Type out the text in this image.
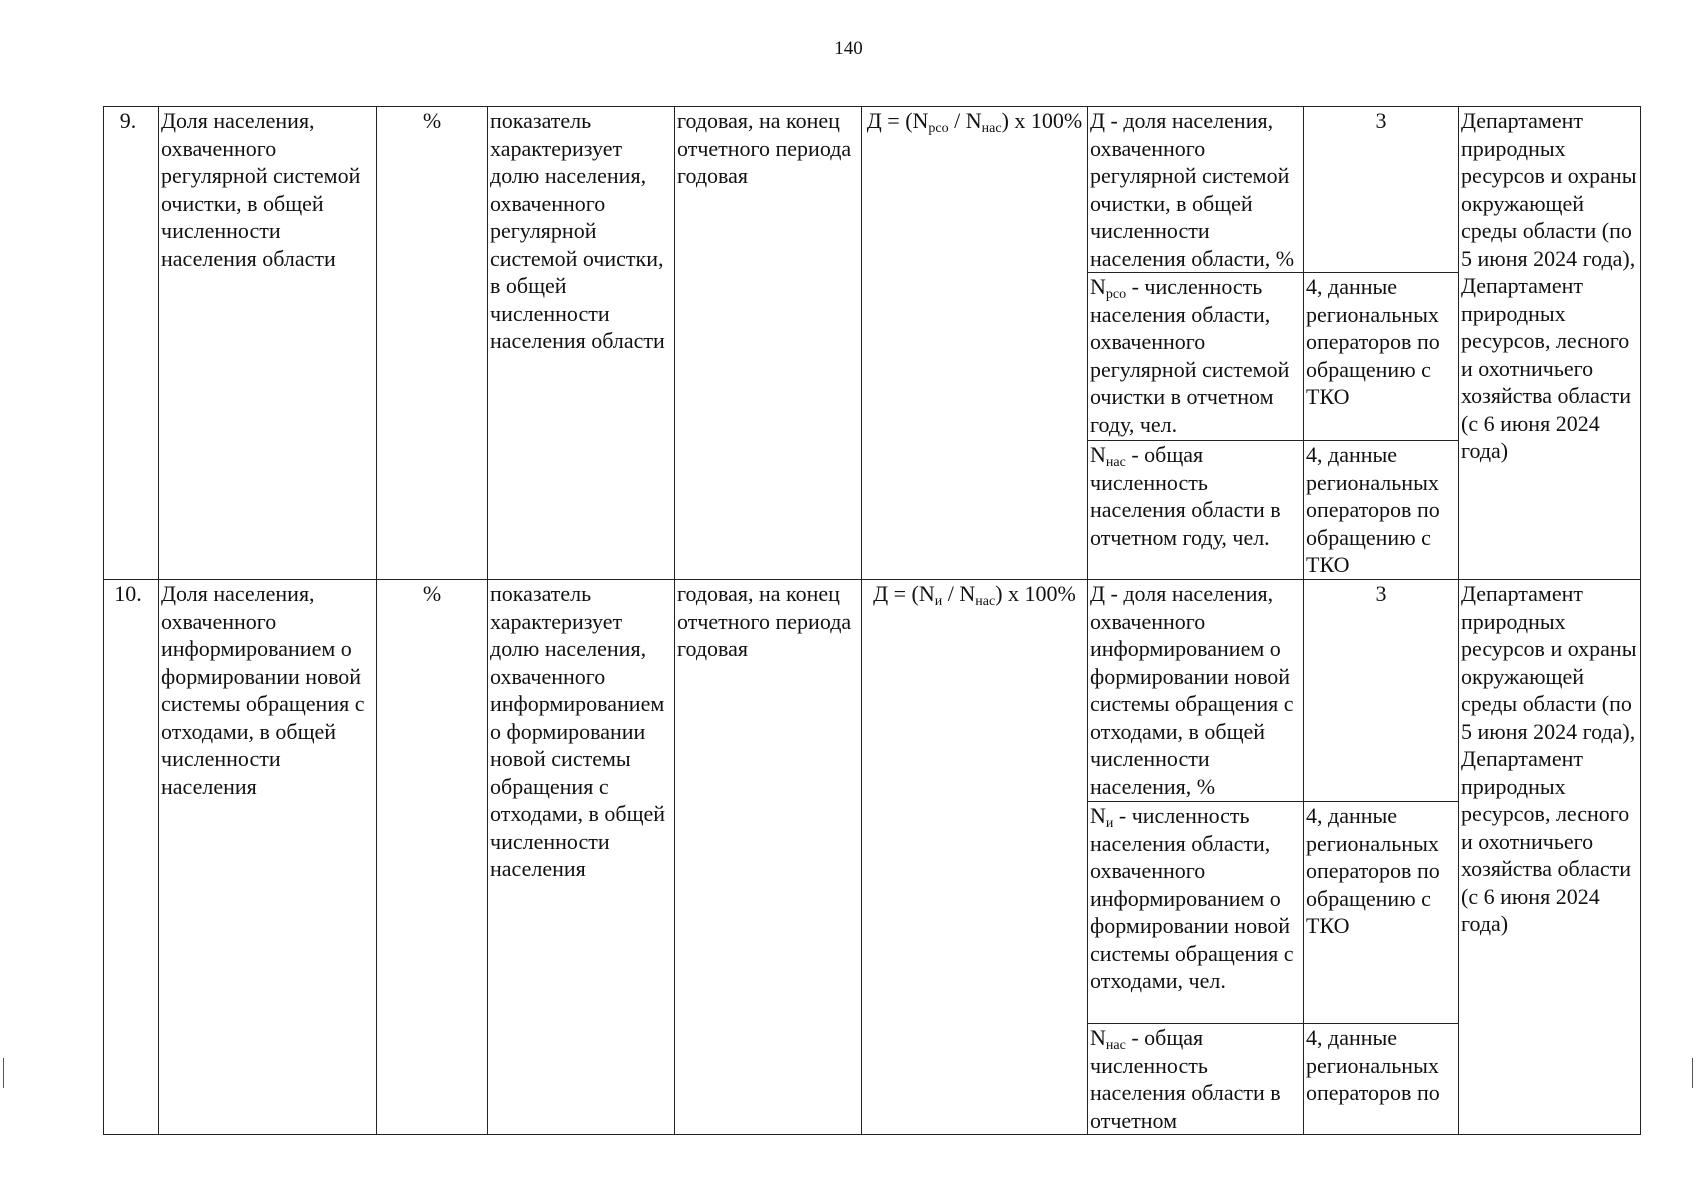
140
9.	Доля населения, охваченного регулярной системой очистки, в общей численности населения области	%	показатель характеризует долю населения, охваченного регулярной системой очистки, в общей численности населения области	годовая, на конец отчетного периода годовая	$Д = (N_{рсо} / N_{нас})$ х 100%	Д - доля населения, охваченного регулярной системой очистки, в общей численности населения области, %	3	Департамент природных ресурсов и охраны окружающей среды области (по 5 июня 2024 года), Департамент природных ресурсов, лесного и охотничьего хозяйства области (с 6 июня 2024 года)
						$N_{рсо}$ - численность населения области, охваченного регулярной системой очистки в отчетном году, чел.	4, данные региональных операторов по обращению с ТКО	
						$N_{нас}$ - общая численность населения области в отчетном году, чел.	4, данные региональных операторов по обращению с ТКО	
10.	Доля населения, охваченного информированием о формировании новой системы обращения с отходами, в общей численности населения	%	показатель характеризует долю населения, охваченного информированием о формировании новой системы обращения с отходами, в общей численности населения	годовая, на конец отчетного периода годовая	$Д = (N_и / N_{нас})$ х 100%	Д - доля населения, охваченного информированием о формировании новой системы обращения с отходами, в общей численности населения, %	3	Департамент природных ресурсов и охраны окружающей среды области (по 5 июня 2024 года), Департамент природных ресурсов, лесного и охотничьего хозяйства области (с 6 июня 2024 года)
						$N_и$ - численность населения области, охваченного информированием о формировании новой системы обращения с отходами, чел.	4, данные региональных операторов по обращению с ТКО	
						$N_{нас}$ - общая численность населения области в отчетном	4, данные региональных операторов по	
